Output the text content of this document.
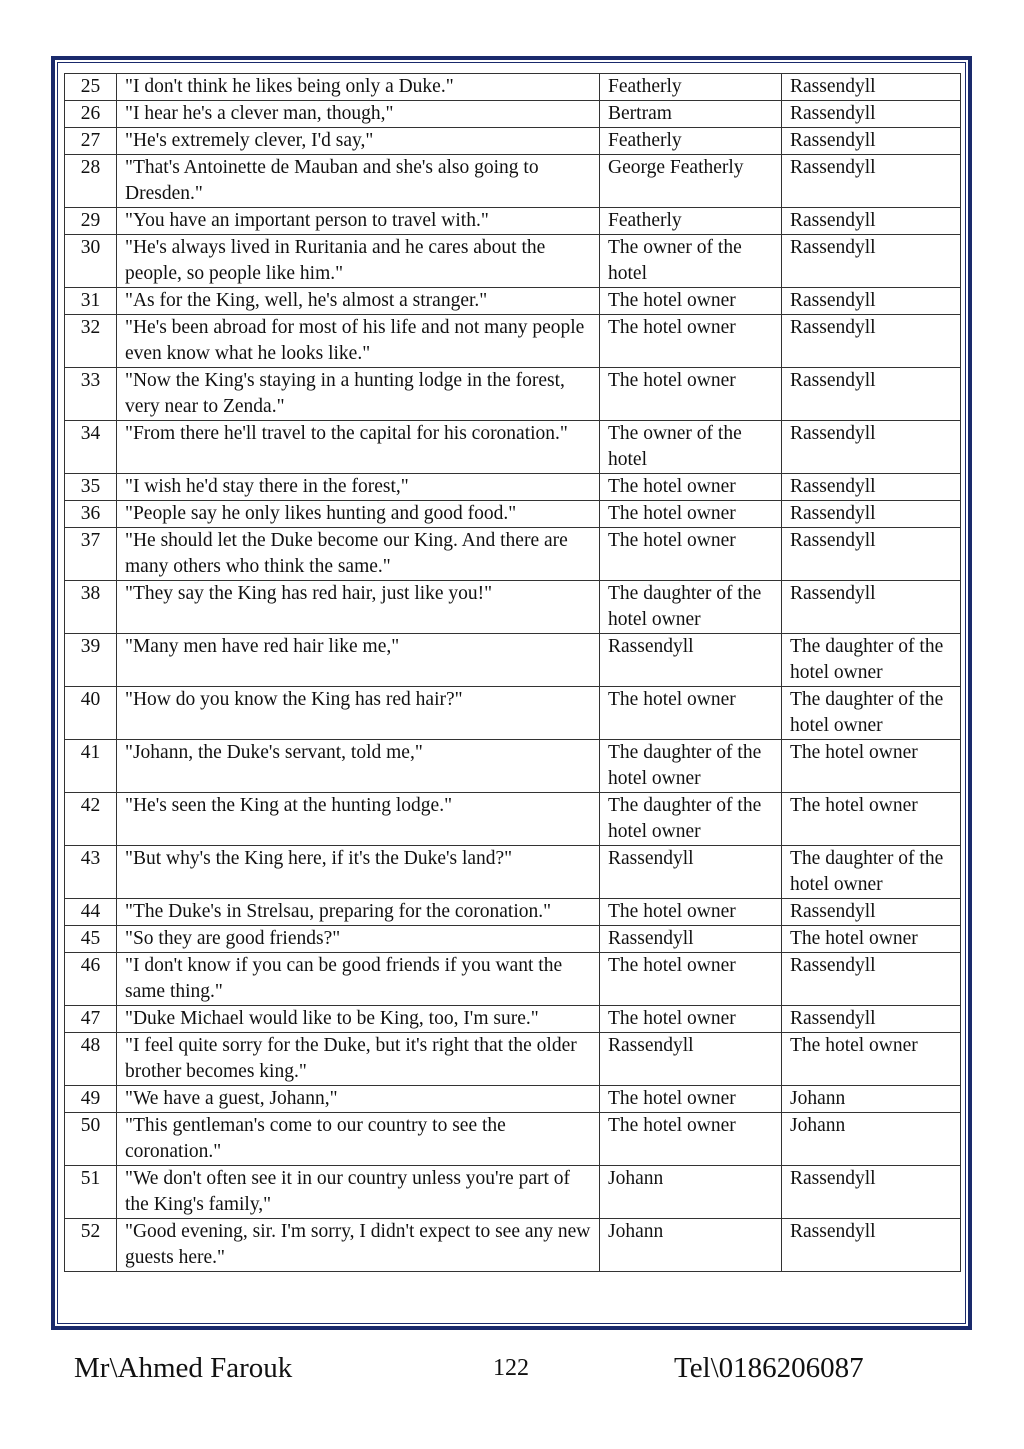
25	"I don't think he likes being only a Duke."	Featherly	Rassendyll
26	"I hear he's a clever man, though,"	Bertram	Rassendyll
27	"He's extremely clever, I'd say,"	Featherly	Rassendyll
28	"That's Antoinette de Mauban and she's also going to Dresden."	George Featherly	Rassendyll
29	"You have an important person to travel with."	Featherly	Rassendyll
30	"He's always lived in Ruritania and he cares about the people, so people like him."	The owner of the hotel	Rassendyll
31	"As for the King, well, he's almost a stranger."	The hotel owner	Rassendyll
32	"He's been abroad for most of his life and not many people even know what he looks like."	The hotel owner	Rassendyll
33	"Now the King's staying in a hunting lodge in the forest, very near to Zenda."	The hotel owner	Rassendyll
34	"From there he'll travel to the capital for his coronation."	The owner of the hotel	Rassendyll
35	"I wish he'd stay there in the forest,"	The hotel owner	Rassendyll
36	"People say he only likes hunting and good food."	The hotel owner	Rassendyll
37	"He should let the Duke become our King. And there are many others who think the same."	The hotel owner	Rassendyll
38	"They say the King has red hair, just like you!"	The daughter of the hotel owner	Rassendyll
39	"Many men have red hair like me,"	Rassendyll	The daughter of the hotel owner
40	"How do you know the King has red hair?"	The hotel owner	The daughter of the hotel owner
41	"Johann, the Duke's servant, told me,"	The daughter of the hotel owner	The hotel owner
42	"He's seen the King at the hunting lodge."	The daughter of the hotel owner	The hotel owner
43	"But why's the King here, if it's the Duke's land?"	Rassendyll	The daughter of the hotel owner
44	"The Duke's in Strelsau, preparing for the coronation."	The hotel owner	Rassendyll
45	"So they are good friends?"	Rassendyll	The hotel owner
46	"I don't know if you can be good friends if you want the same thing."	The hotel owner	Rassendyll
47	"Duke Michael would like to be King, too, I'm sure."	The hotel owner	Rassendyll
48	"I feel quite sorry for the Duke, but it's right that the older brother becomes king."	Rassendyll	The hotel owner
49	"We have a guest, Johann,"	The hotel owner	Johann
50	"This gentleman's come to our country to see the coronation."	The hotel owner	Johann
51	"We don't often see it in our country unless you're part of the King's family,"	Johann	Rassendyll
52	"Good evening, sir. I'm sorry, I didn't expect to see any new guests here."	Johann	Rassendyll
Mr\Ahmed Farouk	122	Tel\0186206087
